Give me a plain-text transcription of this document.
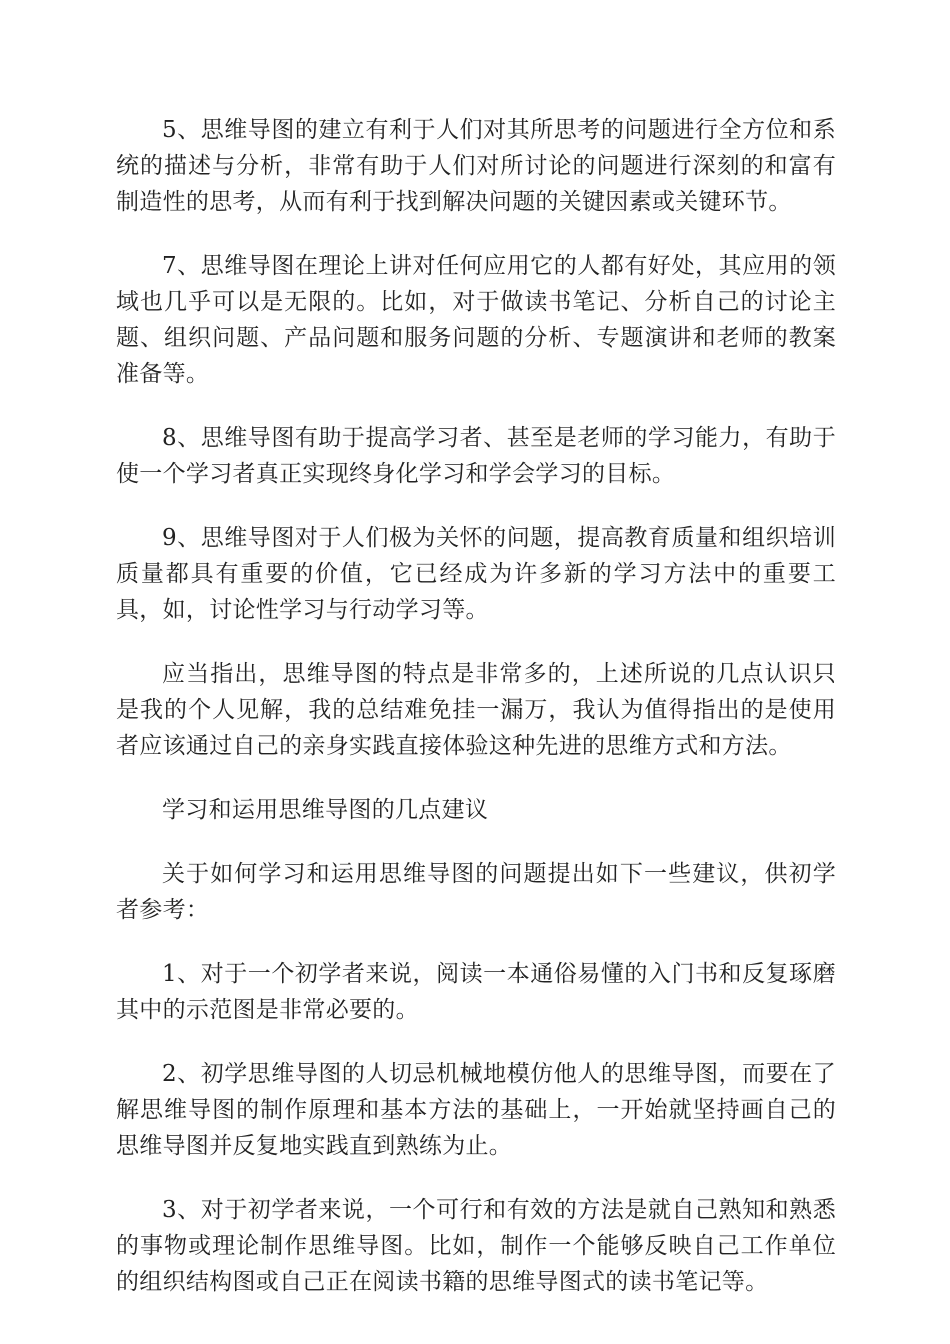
5、思维导图的建立有利于人们对其所思考的问题进行全方位和系统的描述与分析，非常有助于人们对所讨论的问题进行深刻的和富有制造性的思考，从而有利于找到解决问题的关键因素或关键环节。

7、思维导图在理论上讲对任何应用它的人都有好处，其应用的领域也几乎可以是无限的。比如，对于做读书笔记、分析自己的讨论主题、组织问题、产品问题和服务问题的分析、专题演讲和老师的教案准备等。

8、思维导图有助于提高学习者、甚至是老师的学习能力，有助于使一个学习者真正实现终身化学习和学会学习的目标。

9、思维导图对于人们极为关怀的问题，提高教育质量和组织培训质量都具有重要的价值，它已经成为许多新的学习方法中的重要工具，如，讨论性学习与行动学习等。

应当指出，思维导图的特点是非常多的，上述所说的几点认识只是我的个人见解，我的总结难免挂一漏万，我认为值得指出的是使用者应该通过自己的亲身实践直接体验这种先进的思维方式和方法。

学习和运用思维导图的几点建议

关于如何学习和运用思维导图的问题提出如下一些建议，供初学者参考：

1、对于一个初学者来说，阅读一本通俗易懂的入门书和反复琢磨其中的示范图是非常必要的。

2、初学思维导图的人切忌机械地模仿他人的思维导图，而要在了解思维导图的制作原理和基本方法的基础上，一开始就坚持画自己的思维导图并反复地实践直到熟练为止。

3、对于初学者来说，一个可行和有效的方法是就自己熟知和熟悉的事物或理论制作思维导图。比如，制作一个能够反映自己工作单位的组织结构图或自己正在阅读书籍的思维导图式的读书笔记等。
